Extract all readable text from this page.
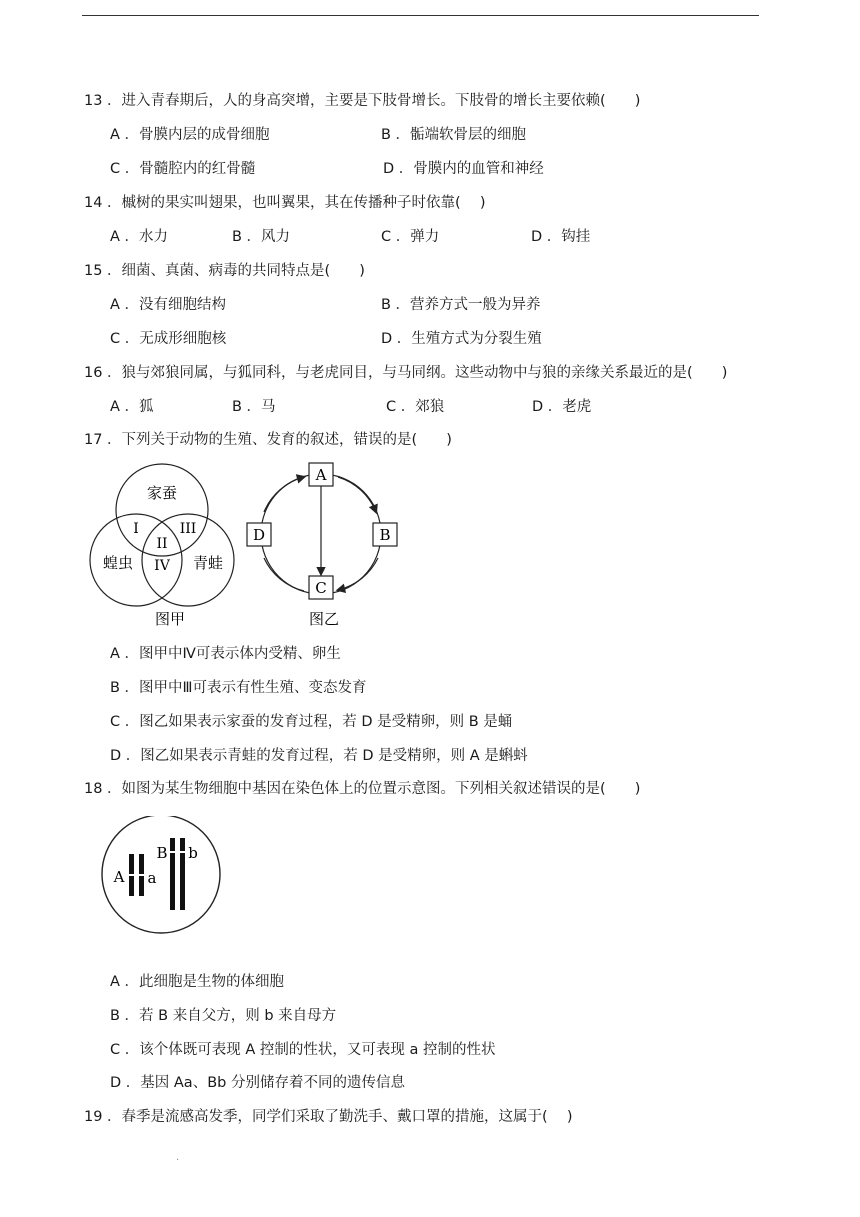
13 ．进入青春期后，人的身高突增，主要是下肢骨增长。下肢骨的增长主要依赖(　　)
A ．骨膜内层的成骨细胞	B ．骺端软骨层的细胞
C ．骨髓腔内的红骨髓	D ．骨膜内的血管和神经
14 ．槭树的果实叫翅果，也叫翼果，其在传播种子时依靠(　 )
A ．水力	B ．风力	C ．弹力	D ．钩挂
15 ．细菌、真菌、病毒的共同特点是(　　)
A ．没有细胞结构	B ．营养方式一般为异养
C ．无成形细胞核	D ．生殖方式为分裂生殖
16 ．狼与郊狼同属，与狐同科，与老虎同目，与马同纲。这些动物中与狼的亲缘关系最近的是(　　)
A ．狐	B ．马	C ．郊狼	D ．老虎
17 ．下列关于动物的生殖、发育的叙述，错误的是(　　)
家蚕
蝗虫	青蛙
I
II
III
IV
图甲
A
B
C
D
图乙
A ．图甲中Ⅳ可表示体内受精、卵生
B ．图甲中Ⅲ可表示有性生殖、变态发育
C ．图乙如果表示家蚕的发育过程，若 D 是受精卵，则 B 是蛹
D ．图乙如果表示青蛙的发育过程，若 D 是受精卵，则 A 是蝌蚪
18 ．如图为某生物细胞中基因在染色体上的位置示意图。下列相关叙述错误的是(　　)
A a
B b
A ．此细胞是生物的体细胞
B ．若 B 来自父方，则 b 来自母方
C ．该个体既可表现 A 控制的性状，又可表现 a 控制的性状
D ．基因 Aa、Bb 分别储存着不同的遗传信息
19 ．春季是流感高发季，同学们采取了勤洗手、戴口罩的措施，这属于(　 )
.
